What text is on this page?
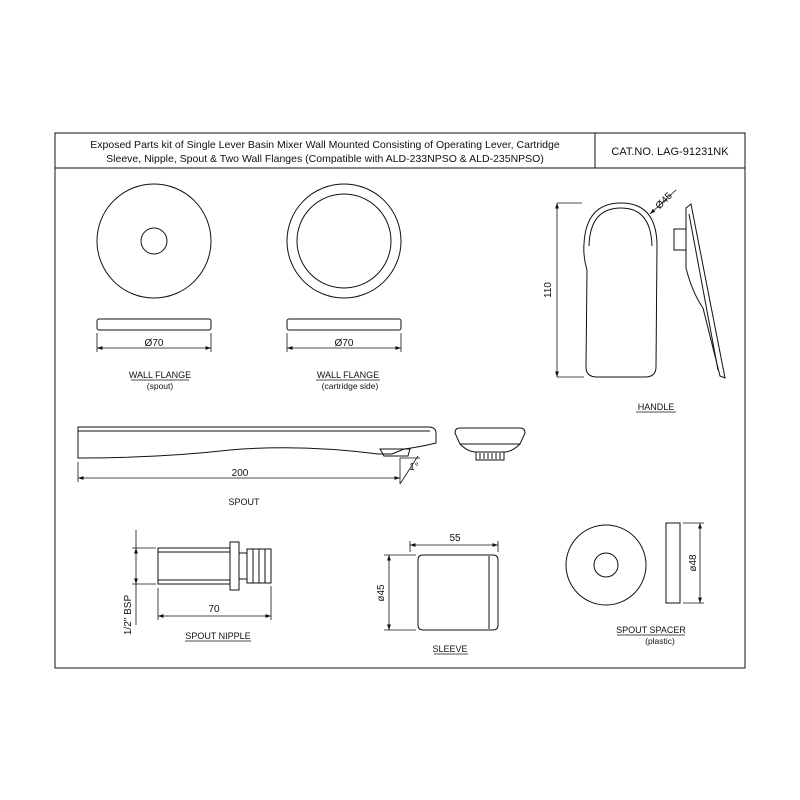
Exposed Parts kit of Single Lever Basin Mixer Wall Mounted Consisting of Operating Lever, Cartridge
Sleeve, Nipple, Spout & Two Wall Flanges (Compatible with ALD-233NPSO & ALD-235NPSO)
CAT.NO. LAG-91231NK
Ø70
WALL FLANGE
(spout)
Ø70
WALL FLANGE
(cartridge side)
110
Ø45
HANDLE
200
1°
SPOUT
1/2" BSP	70
SPOUT NIPPLE
55
ø45
SLEEVE
ø48
SPOUT SPACER
(plastic)
